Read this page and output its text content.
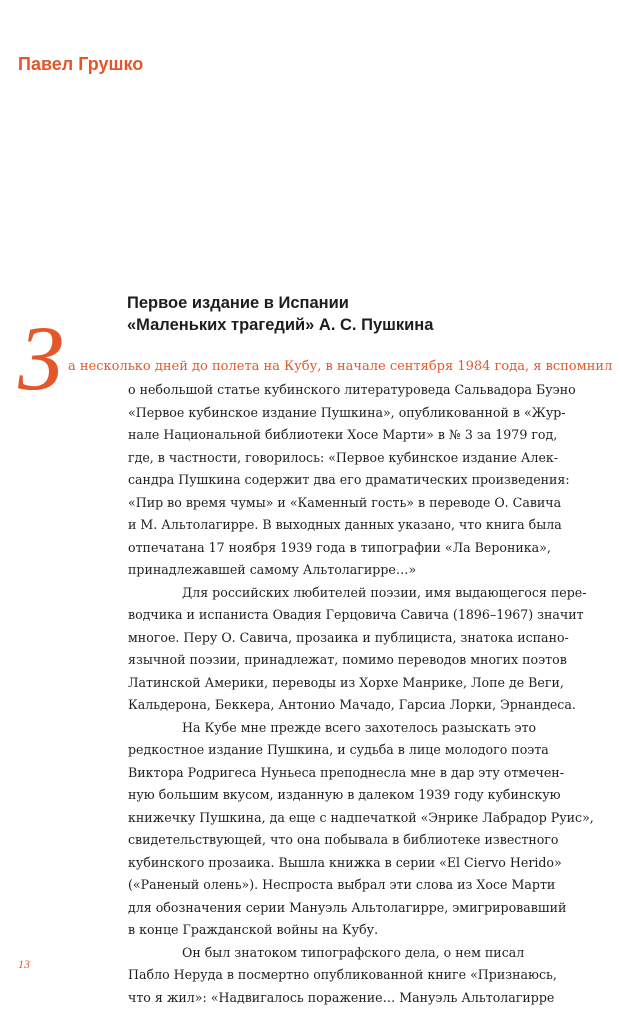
Павел Грушко
Первое издание в Испании
«Маленьких трагедий» А. С. Пушкина
З а несколько дней до полета на Кубу, в начале сентября 1984 года, я вспомнил
о небольшой статье кубинского литературоведа Сальвадора Буэно
«Первое кубинское издание Пушкина», опубликованной в «Жур-
нале Национальной библиотеки Хосе Марти» в № 3 за 1979 год,
где, в частности, говорилось: «Первое кубинское издание Алек-
сандра Пушкина содержит два его драматических произведения:
«Пир во время чумы» и «Каменный гость» в переводе О. Савича
и М. Альтолагирре. В выходных данных указано, что книга была
отпечатана 17 ноября 1939 года в типографии «Ла Вероника»,
принадлежавшей самому Альтолагирре…»
Для российских любителей поэзии, имя выдающегося пере-
водчика и испаниста Овадия Герцовича Савича (1896–1967) значит
многое. Перу О. Савича, прозаика и публициста, знатока испано-
язычной поэзии, принадлежат, помимо переводов многих поэтов
Латинской Америки, переводы из Хорхе Манрике, Лопе де Веги,
Кальдерона, Беккера, Антонио Мачадо, Гарсиа Лорки, Эрнандеса.
На Кубе мне прежде всего захотелось разыскать это
редкостное издание Пушкина, и судьба в лице молодого поэта
Виктора Родригеса Нуньеса преподнесла мне в дар эту отмечен-
ную большим вкусом, изданную в далеком 1939 году кубинскую
книжечку Пушкина, да еще с надпечаткой «Энрике Лабрадор Руис»,
свидетельствующей, что она побывала в библиотеке известного
кубинского прозаика. Вышла книжка в серии «El Ciervo Herido»
(«Раненый олень»). Неспроста выбрал эти слова из Хосе Марти
для обозначения серии Мануэль Альтолагирре, эмигрировавший
в конце Гражданской войны на Кубу.
Он был знатоком типографского дела, о нем писал
Пабло Неруда в посмертно опубликованной книге «Признаюсь,
что я жил»: «Надвигалось поражение… Мануэль Альтолагирре
13
